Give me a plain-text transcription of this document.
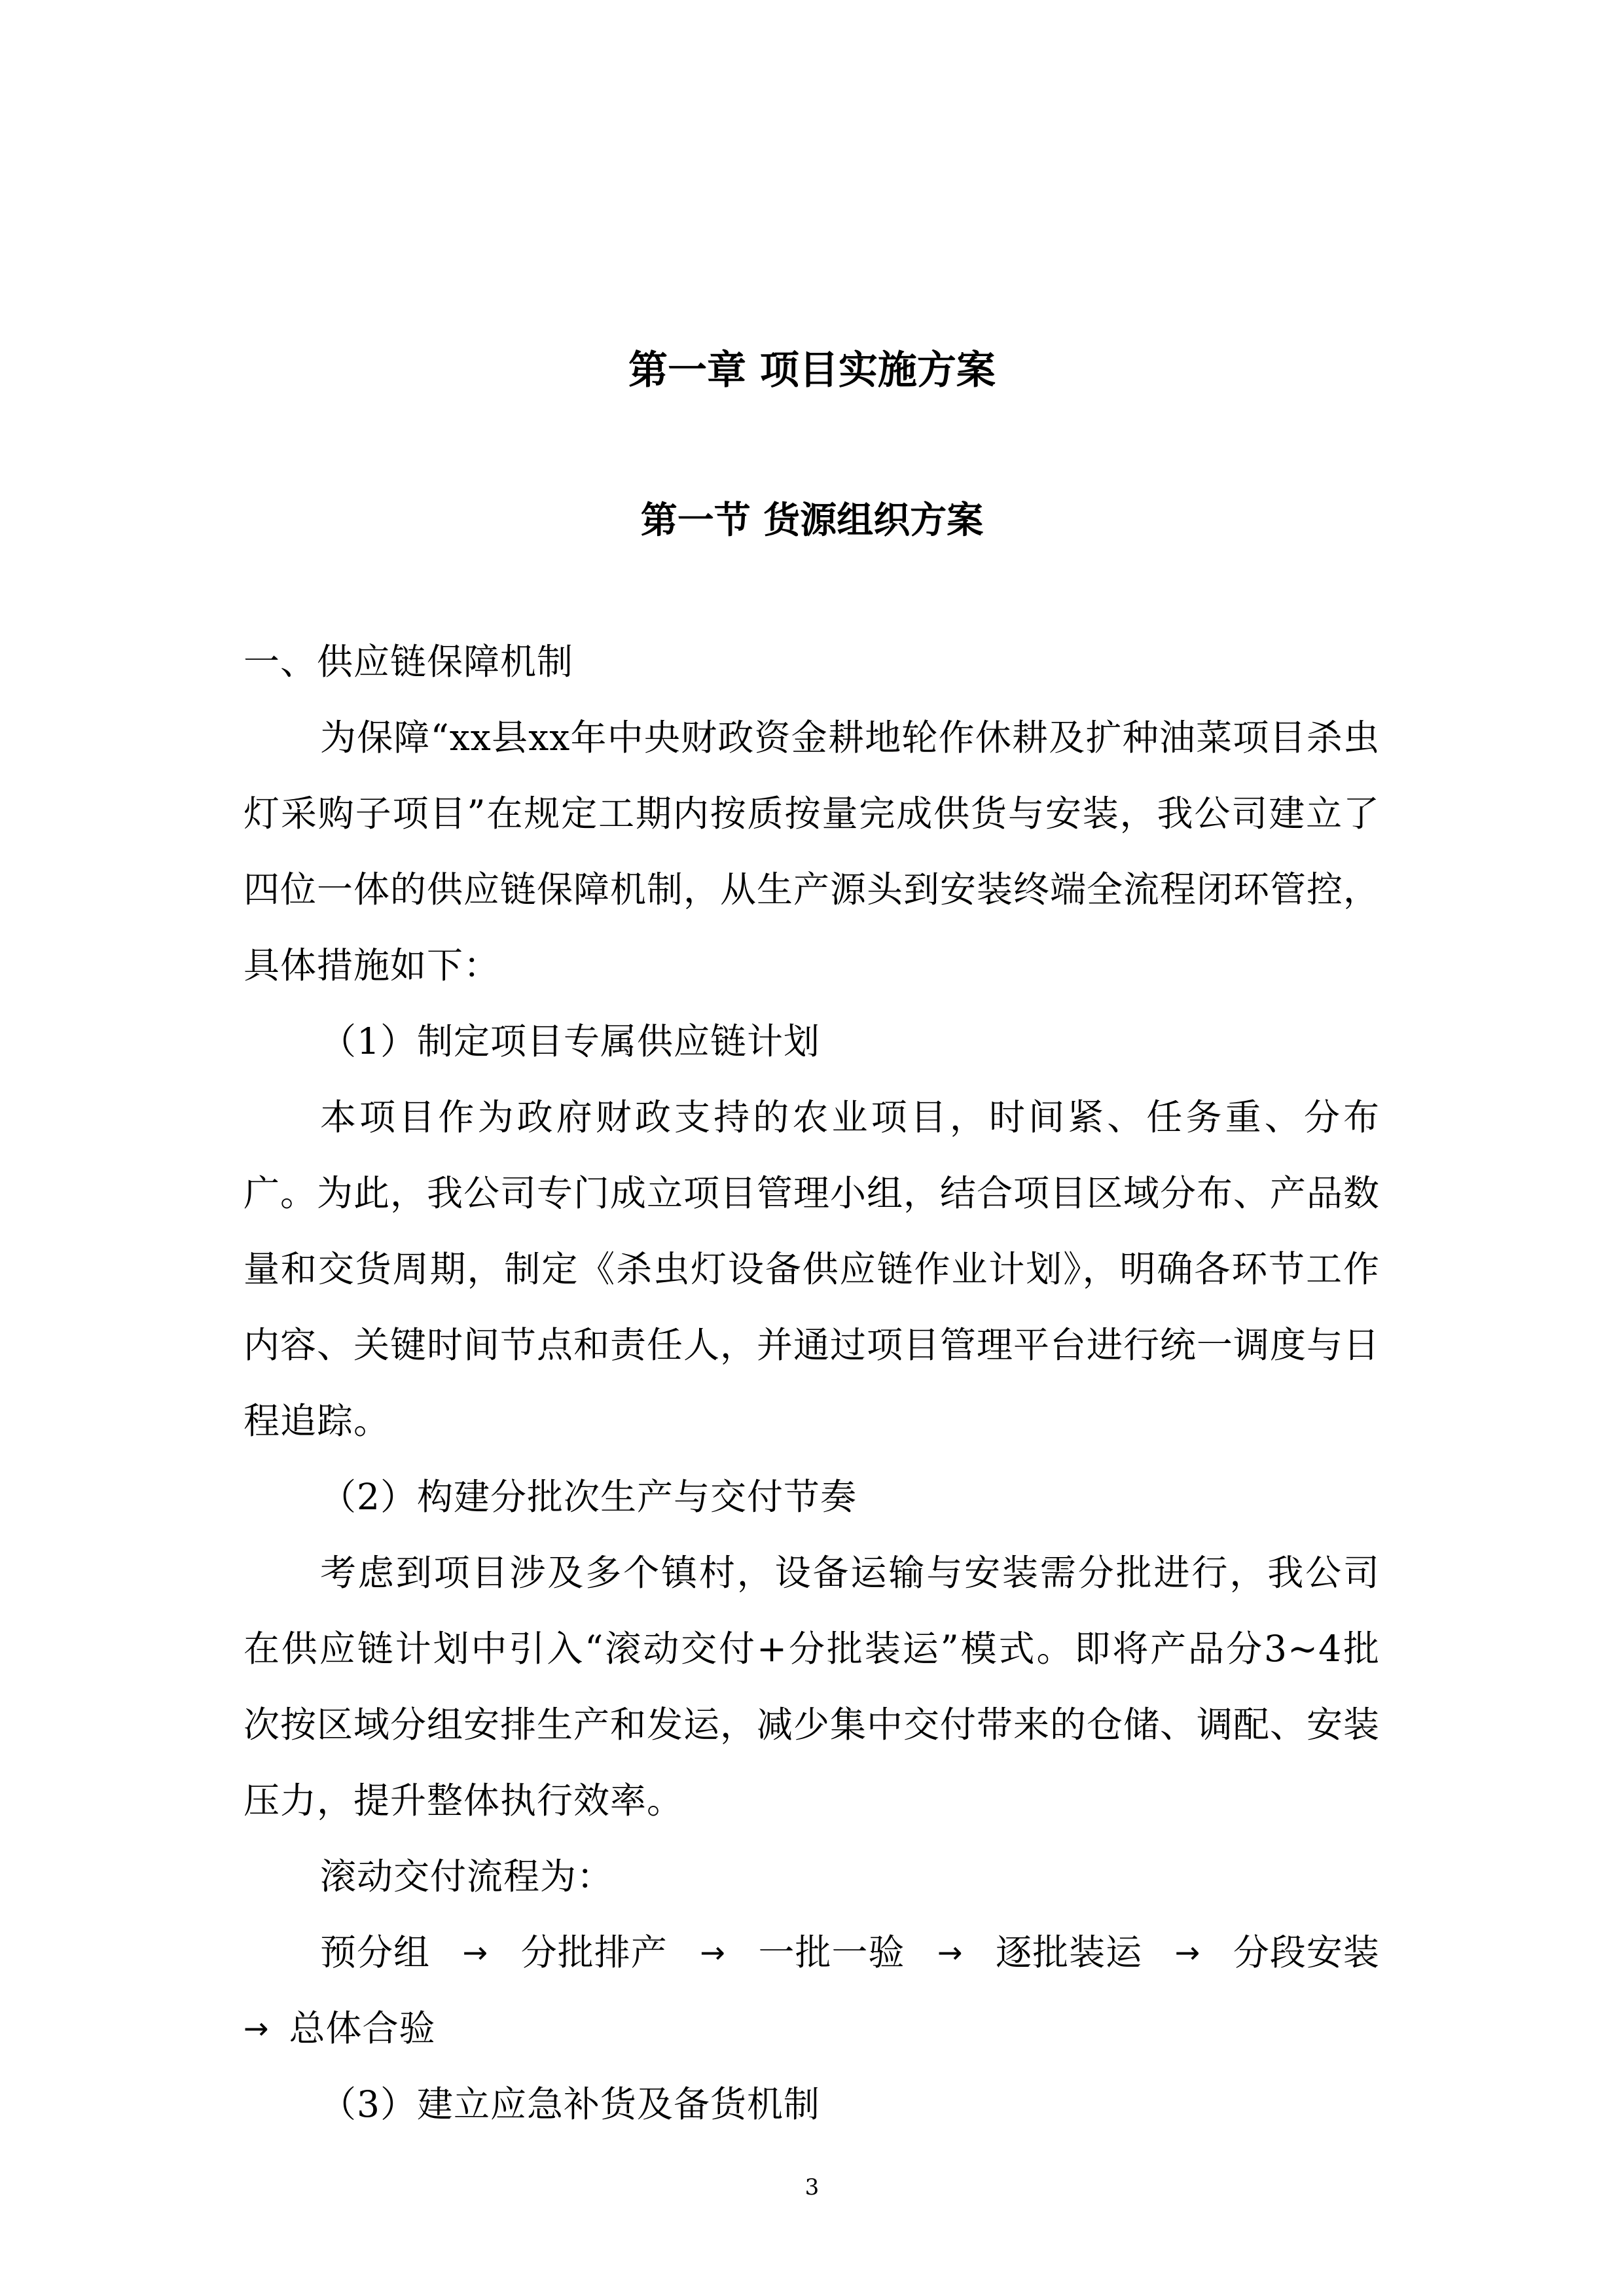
第一章 项目实施方案
第一节 货源组织方案

一、供应链保障机制

为保障“xx县xx年中央财政资金耕地轮作休耕及扩种油菜项目杀虫灯采购子项目”在规定工期内按质按量完成供货与安装，我公司建立了四位一体的供应链保障机制，从生产源头到安装终端全流程闭环管控，具体措施如下：

（1）制定项目专属供应链计划

本项目作为政府财政支持的农业项目，时间紧、任务重、分布广。为此，我公司专门成立项目管理小组，结合项目区域分布、产品数量和交货周期，制定《杀虫灯设备供应链作业计划》，明确各环节工作内容、关键时间节点和责任人，并通过项目管理平台进行统一调度与日程追踪。

（2）构建分批次生产与交付节奏

考虑到项目涉及多个镇村，设备运输与安装需分批进行，我公司在供应链计划中引入“滚动交付+分批装运”模式。即将产品分3~4批次按区域分组安排生产和发运，减少集中交付带来的仓储、调配、安装压力，提升整体执行效率。

滚动交付流程为：

预分组 → 分批排产 → 一批一验 → 逐批装运 → 分段安装
→ 总体合验

（3）建立应急补货及备货机制

3
